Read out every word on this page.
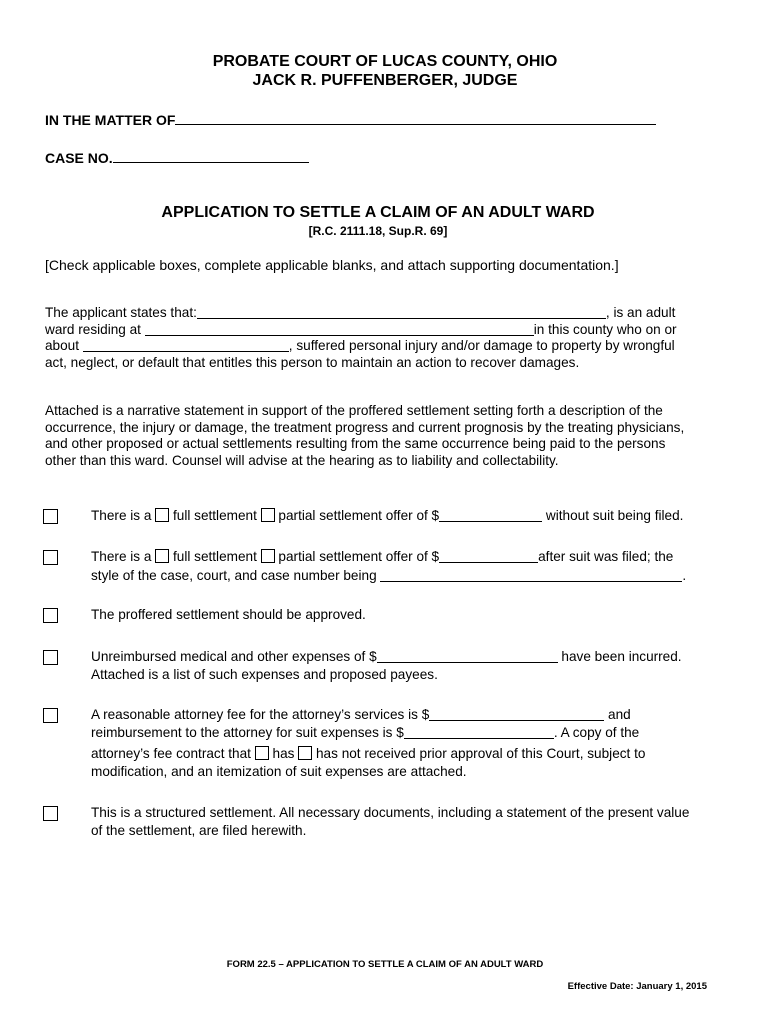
PROBATE COURT OF LUCAS COUNTY, OHIO
JACK R. PUFFENBERGER, JUDGE
IN THE MATTER OF
CASE NO.
APPLICATION TO SETTLE A CLAIM OF AN ADULT WARD
[R.C. 2111.18, Sup.R. 69]
[Check applicable boxes, complete applicable blanks, and attach supporting documentation.]
The applicant states that:	, is an adult
ward residing at	in this county who on or
about	, suffered personal injury and/or damage to property by wrongful
act, neglect, or default that entitles this person to maintain an action to recover damages.
Attached is a narrative statement in support of the proffered settlement setting forth a description of the
occurrence, the injury or damage, the treatment progress and current prognosis by the treating physicians,
and other proposed or actual settlements resulting from the same occurrence being paid to the persons
other than this ward. Counsel will advise at the hearing as to liability and collectability.
There is a  full settlement  partial settlement offer of $	without suit being filed.
There is a  full settlement  partial settlement offer of $	after suit was filed; the
style of the case, court, and case number being	.
The proffered settlement should be approved.
Unreimbursed medical and other expenses of $	have been incurred.
Attached is a list of such expenses and proposed payees.
A reasonable attorney fee for the attorney’s services is $	and
reimbursement to the attorney for suit expenses is $	. A copy of the
attorney’s fee contract that  has  has not received prior approval of this Court, subject to
modification, and an itemization of suit expenses are attached.
This is a structured settlement. All necessary documents, including a statement of the present value
of the settlement, are filed herewith.
FORM 22.5 – APPLICATION TO SETTLE A CLAIM OF AN ADULT WARD
Effective Date: January 1, 2015
